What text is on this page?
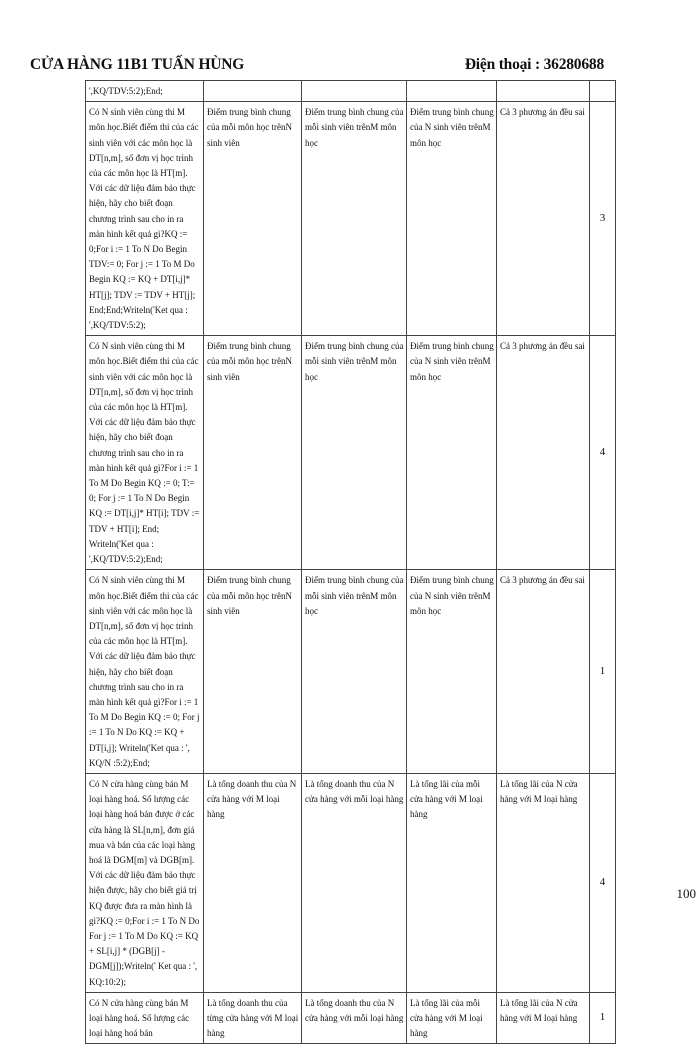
CỬA HÀNG 11B1 TUẤN HÙNG	Điện thoại : 36280688
',KQ/TDV:5:2);End;					
Có N sinh viên cùng thi M môn học.Biết điểm thi của các sinh viên với các môn học là DT[n,m], số đơn vị học trình của các môn học là HT[m]. Với các dữ liệu đảm bảo thực hiện, hãy cho biết đoạn chương trình sau cho in ra màn hình kết quả gì?KQ := 0;For i := 1 To N Do Begin TDV:= 0; For j := 1 To M Do Begin KQ := KQ + DT[i,j]* HT[j]; TDV := TDV + HT[j]; End;End;Writeln('Ket qua : ',KQ/TDV:5:2);	Điểm trung bình chung của mỗi môn học trênN sinh viên	Điểm trung bình chung của mỗi sinh viên trênM môn học	Điểm trung bình chung của N sinh viên trênM môn học	Cả 3 phương án đều sai	3
Có N sinh viên cùng thi M môn học.Biết điểm thi của các sinh viên với các môn học là DT[n,m], số đơn vị học trình của các môn học là HT[m]. Với các dữ liệu đảm bảo thực hiện, hãy cho biết đoạn chương trình sau cho in ra màn hình kết quả gì?For i := 1 To M Do Begin KQ := 0; T:= 0; For j := 1 To N Do Begin KQ := DT[i,j]* HT[i]; TDV := TDV + HT[i]; End; Writeln('Ket qua : ',KQ/TDV:5:2);End;	Điểm trung bình chung của mỗi môn học trênN sinh viên	Điểm trung bình chung của mỗi sinh viên trênM môn học	Điểm trung bình chung của N sinh viên trênM môn học	Cả 3 phương án đều sai	4
Có N sinh viên cùng thi M môn học.Biết điểm thi của các sinh viên với các môn học là DT[n,m], số đơn vị học trình của các môn học là HT[m]. Với các dữ liệu đảm bảo thực hiện, hãy cho biết đoạn chương trình sau cho in ra màn hình kết quả gì?For i := 1 To M Do Begin KQ := 0; For j := 1 To N Do KQ := KQ + DT[i,j]; Writeln('Ket qua : ', KQ/N :5:2);End;	Điểm trung bình chung của mỗi môn học trênN sinh viên	Điểm trung bình chung của mỗi sinh viên trênM môn học	Điểm trung bình chung của N sinh viên trênM môn học	Cả 3 phương án đều sai	1
Có N cửa hàng cùng bán M loại hàng hoá. Số lượng các loại hàng hoá bán được ở các cửa hàng là SL[n,m], đơn giá mua và bán của các loại hàng hoá là DGM[m] và DGB[m]. Với các dữ liệu đảm bảo thực hiện được, hãy cho biết giá trị KQ được đưa ra màn hình là gì?KQ := 0;For i := 1 To N Do For j := 1 To M Do KQ := KQ + SL[i,j] * (DGB[j] - DGM[j]);Writeln(' Ket qua : ', KQ:10:2);	Là tổng doanh thu của N cửa hàng với M loại hàng	Là tổng doanh thu của N cửa hàng với mỗi loại hàng	Là tổng lãi của mỗi cửa hàng với M loại hàng	Là tổng lãi của N cửa hàng với M loại hàng	4
Có N cửa hàng cùng bán M loại hàng hoá. Số lượng các loại hàng hoá bán	Là tổng doanh thu của từng cửa hàng với M loại hàng	Là tổng doanh thu của N cửa hàng với mỗi loại hàng	Là tổng lãi của mỗi cửa hàng với M loại hàng	Là tổng lãi của N cửa hàng với M loại hàng	1
100
